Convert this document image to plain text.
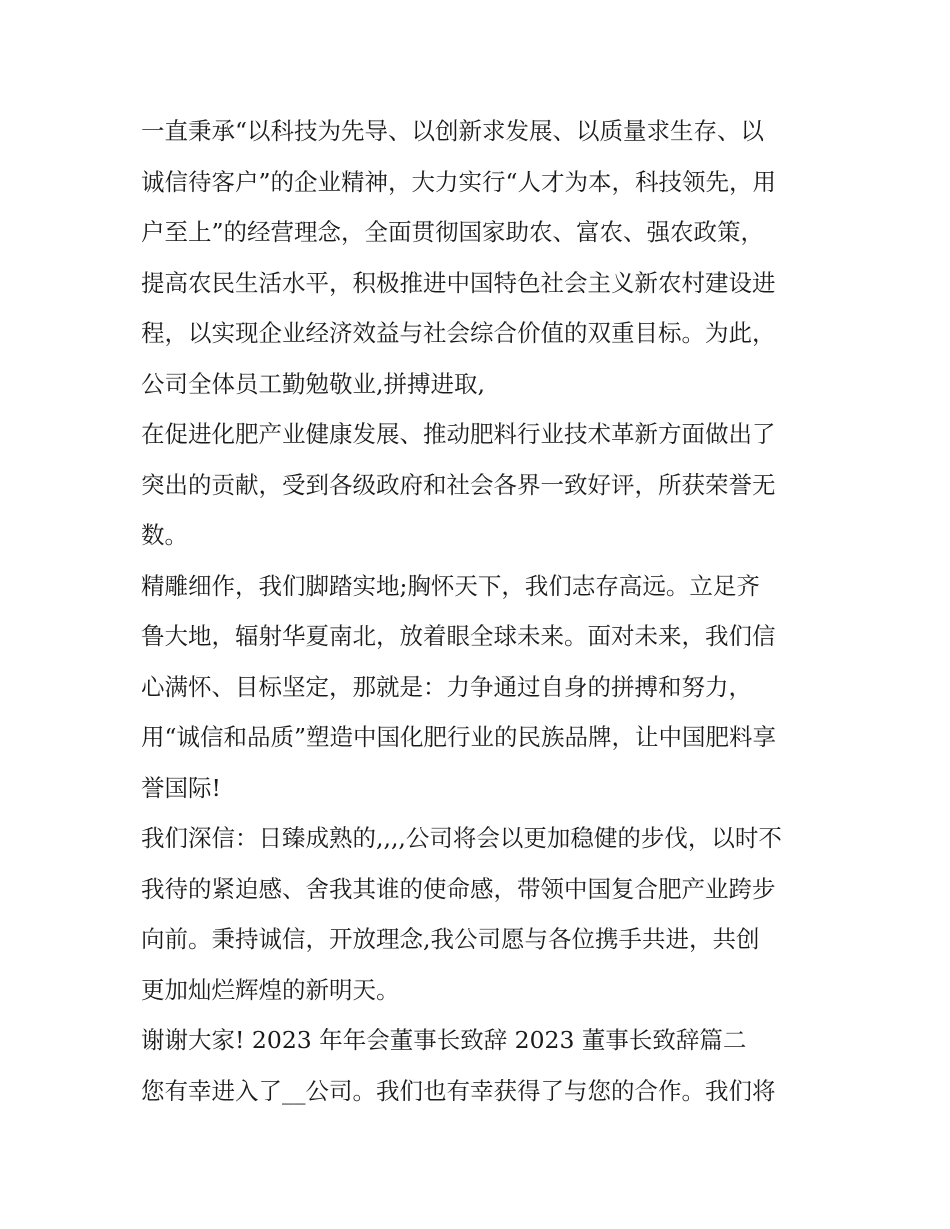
一直秉承“以科技为先导、以创新求发展、以质量求生存、以
诚信待客户”的企业精神，大力实行“人才为本，科技领先，用
户至上”的经营理念，全面贯彻国家助农、富农、强农政策，
提高农民生活水平，积极推进中国特色社会主义新农村建设进
程，以实现企业经济效益与社会综合价值的双重目标。为此，
公司全体员工勤勉敬业,拼搏进取,
在促进化肥产业健康发展、推动肥料行业技术革新方面做出了
突出的贡献，受到各级政府和社会各界一致好评，所获荣誉无
数。
精雕细作，我们脚踏实地;胸怀天下，我们志存高远。立足齐
鲁大地，辐射华夏南北，放着眼全球未来。面对未来，我们信
心满怀、目标坚定，那就是：力争通过自身的拼搏和努力，
用“诚信和品质”塑造中国化肥行业的民族品牌，让中国肥料享
誉国际!
我们深信：日臻成熟的,,,,公司将会以更加稳健的步伐，以时不
我待的紧迫感、舍我其谁的使命感，带领中国复合肥产业跨步
向前。秉持诚信，开放理念,我公司愿与各位携手共进，共创
更加灿烂辉煌的新明天。
谢谢大家! 2023 年年会董事长致辞 2023 董事长致辞篇二
您有幸进入了__公司。我们也有幸获得了与您的合作。我们将
